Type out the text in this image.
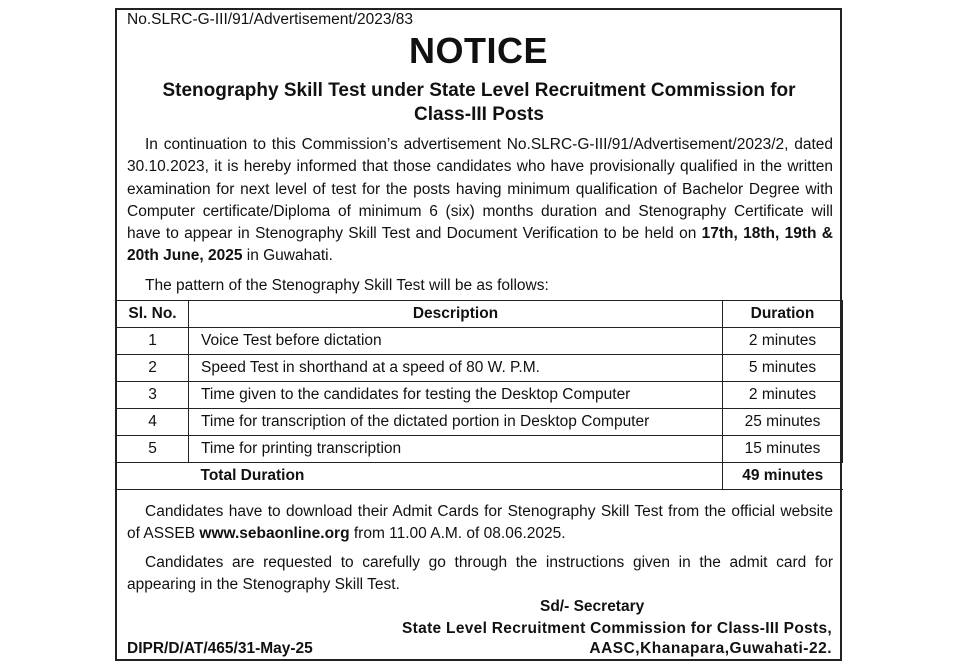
No.SLRC-G-III/91/Advertisement/2023/83
NOTICE
Stenography Skill Test under State Level Recruitment Commission for
Class-III Posts

In continuation to this Commission’s advertisement No.SLRC-G-III/91/Advertisement/2023/2, dated 30.10.2023, it is hereby informed that those candidates who have provisionally qualified in the written examination for next level of test for the posts having minimum qualification of Bachelor Degree with Computer certificate/Diploma of minimum 6 (six) months duration and Stenography Certificate will have to appear in Stenography Skill Test and Document Verification to be held on 17th, 18th, 19th & 20th June, 2025 in Guwahati.

The pattern of the Stenography Skill Test will be as follows:

Sl. No.	Description	Duration
1	Voice Test before dictation	2 minutes
2	Speed Test in shorthand at a speed of 80 W. P.M.	5 minutes
3	Time given to the candidates for testing the Desktop Computer	2 minutes
4	Time for transcription of the dictated portion in Desktop Computer	25 minutes
5	Time for printing transcription	15 minutes
	Total Duration	49 minutes

Candidates have to download their Admit Cards for Stenography Skill Test from the official website of ASSEB www.sebaonline.org from 11.00 A.M. of 08.06.2025.

Candidates are requested to carefully go through the instructions given in the admit card for appearing in the Stenography Skill Test.

Sd/- Secretary
State Level Recruitment Commission for Class-III Posts,
AASC,Khanapara,Guwahati-22.
DIPR/D/AT/465/31-May-25
